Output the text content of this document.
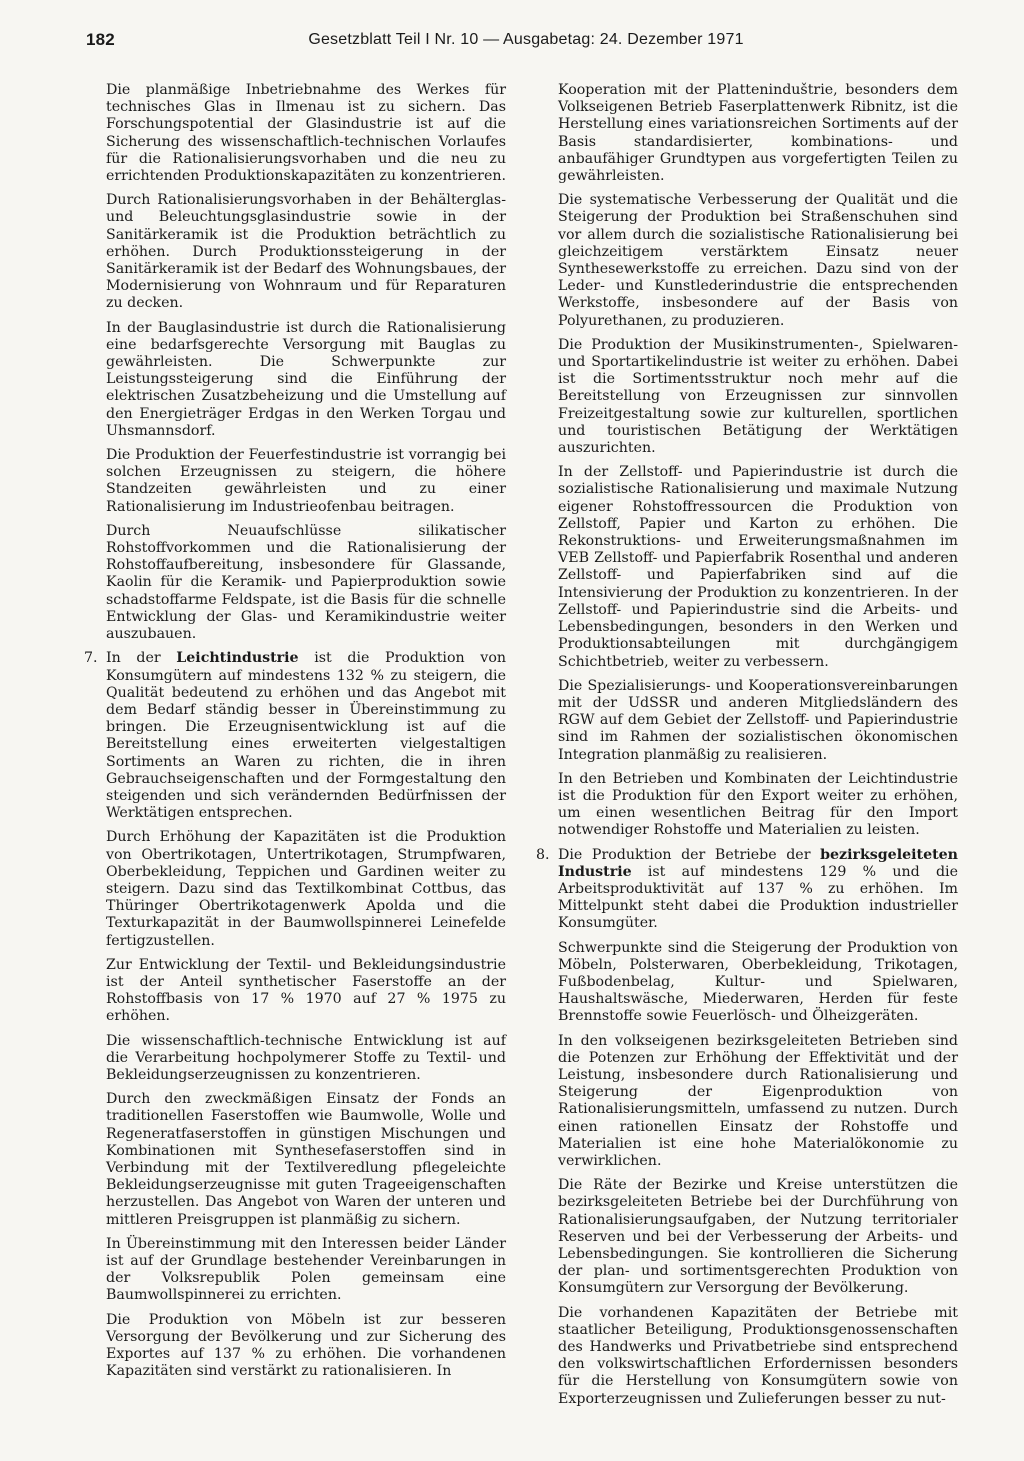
182	Gesetzblatt Teil I Nr. 10 — Ausgabetag: 24. Dezember 1971

Die planmäßige Inbetriebnahme des Werkes für technisches Glas in Ilmenau ist zu sichern. Das Forschungspotential der Glasindustrie ist auf die Sicherung des wissenschaftlich-technischen Vorlaufes für die Rationalisierungsvorhaben und die neu zu errichtenden Produktionskapazitäten zu konzentrieren.

Durch Rationalisierungsvorhaben in der Behälterglas- und Beleuchtungsglasindustrie sowie in der Sanitärkeramik ist die Produktion beträchtlich zu erhöhen. Durch Produktionssteigerung in der Sanitärkeramik ist der Bedarf des Wohnungsbaues, der Modernisierung von Wohnraum und für Reparaturen zu decken.

In der Bauglasindustrie ist durch die Rationalisierung eine bedarfsgerechte Versorgung mit Bauglas zu gewährleisten. Die Schwerpunkte zur Leistungssteigerung sind die Einführung der elektrischen Zusatzbeheizung und die Umstellung auf den Energieträger Erdgas in den Werken Torgau und Uhsmannsdorf.

Die Produktion der Feuerfestindustrie ist vorrangig bei solchen Erzeugnissen zu steigern, die höhere Standzeiten gewährleisten und zu einer Rationalisierung im Industrieofenbau beitragen.

Durch Neuaufschlüsse silikatischer Rohstoffvorkommen und die Rationalisierung der Rohstoffaufbereitung, insbesondere für Glassande, Kaolin für die Keramik- und Papierproduktion sowie schadstoffarme Feldspate, ist die Basis für die schnelle Entwicklung der Glas- und Keramikindustrie weiter auszubauen.

7. In der Leichtindustrie ist die Produktion von Konsumgütern auf mindestens 132 % zu steigern, die Qualität bedeutend zu erhöhen und das Angebot mit dem Bedarf ständig besser in Übereinstimmung zu bringen. Die Erzeugnisentwicklung ist auf die Bereitstellung eines erweiterten vielgestaltigen Sortiments an Waren zu richten, die in ihren Gebrauchseigenschaften und der Formgestaltung den steigenden und sich verändernden Bedürfnissen der Werktätigen entsprechen.

Durch Erhöhung der Kapazitäten ist die Produktion von Obertrikotagen, Untertrikotagen, Strumpfwaren, Oberbekleidung, Teppichen und Gardinen weiter zu steigern. Dazu sind das Textilkombinat Cottbus, das Thüringer Obertrikotagenwerk Apolda und die Texturkapazität in der Baumwollspinnerei Leinefelde fertigzustellen.

Zur Entwicklung der Textil- und Bekleidungsindustrie ist der Anteil synthetischer Faserstoffe an der Rohstoffbasis von 17 % 1970 auf 27 % 1975 zu erhöhen.

Die wissenschaftlich-technische Entwicklung ist auf die Verarbeitung hochpolymerer Stoffe zu Textil- und Bekleidungserzeugnissen zu konzentrieren.

Durch den zweckmäßigen Einsatz der Fonds an traditionellen Faserstoffen wie Baumwolle, Wolle und Regeneratfaserstoffen in günstigen Mischungen und Kombinationen mit Synthesefaserstoffen sind in Verbindung mit der Textilveredlung pflegeleichte Bekleidungserzeugnisse mit guten Trageeigenschaften herzustellen. Das Angebot von Waren der unteren und mittleren Preisgruppen ist planmäßig zu sichern.

In Übereinstimmung mit den Interessen beider Länder ist auf der Grundlage bestehender Vereinbarungen in der Volksrepublik Polen gemeinsam eine Baumwollspinnerei zu errichten.

Die Produktion von Möbeln ist zur besseren Versorgung der Bevölkerung und zur Sicherung des Exportes auf 137 % zu erhöhen. Die vorhandenen Kapazitäten sind verstärkt zu rationalisieren. In

Kooperation mit der Platteninduštrie, besonders dem Volkseigenen Betrieb Faserplattenwerk Ribnitz, ist die Herstellung eines variationsreichen Sortiments auf der Basis standardisierter, kombinations- und anbaufähiger Grundtypen aus vorgefertigten Teilen zu gewährleisten.

Die systematische Verbesserung der Qualität und die Steigerung der Produktion bei Straßenschuhen sind vor allem durch die sozialistische Rationalisierung bei gleichzeitigem verstärktem Einsatz neuer Synthesewerkstoffe zu erreichen. Dazu sind von der Leder- und Kunstlederindustrie die entsprechenden Werkstoffe, insbesondere auf der Basis von Polyurethanen, zu produzieren.

Die Produktion der Musikinstrumenten-, Spielwaren- und Sportartikelindustrie ist weiter zu erhöhen. Dabei ist die Sortimentsstruktur noch mehr auf die Bereitstellung von Erzeugnissen zur sinnvollen Freizeitgestaltung sowie zur kulturellen, sportlichen und touristischen Betätigung der Werktätigen auszurichten.

In der Zellstoff- und Papierindustrie ist durch die sozialistische Rationalisierung und maximale Nutzung eigener Rohstoffressourcen die Produktion von Zellstoff, Papier und Karton zu erhöhen. Die Rekonstruktions- und Erweiterungsmaßnahmen im VEB Zellstoff- und Papierfabrik Rosenthal und anderen Zellstoff- und Papierfabriken sind auf die Intensivierung der Produktion zu konzentrieren. In der Zellstoff- und Papierindustrie sind die Arbeits- und Lebensbedingungen, besonders in den Werken und Produktionsabteilungen mit durchgängigem Schichtbetrieb, weiter zu verbessern.

Die Spezialisierungs- und Kooperationsvereinbarungen mit der UdSSR und anderen Mitgliedsländern des RGW auf dem Gebiet der Zellstoff- und Papierindustrie sind im Rahmen der sozialistischen ökonomischen Integration planmäßig zu realisieren.

In den Betrieben und Kombinaten der Leichtindustrie ist die Produktion für den Export weiter zu erhöhen, um einen wesentlichen Beitrag für den Import notwendiger Rohstoffe und Materialien zu leisten.

8. Die Produktion der Betriebe der bezirksgeleiteten Industrie ist auf mindestens 129 % und die Arbeitsproduktivität auf 137 % zu erhöhen. Im Mittelpunkt steht dabei die Produktion industrieller Konsumgüter.

Schwerpunkte sind die Steigerung der Produktion von Möbeln, Polsterwaren, Oberbekleidung, Trikotagen, Fußbodenbelag, Kultur- und Spielwaren, Haushaltswäsche, Miederwaren, Herden für feste Brennstoffe sowie Feuerlösch- und Ölheizgeräten.

In den volkseigenen bezirksgeleiteten Betrieben sind die Potenzen zur Erhöhung der Effektivität und der Leistung, insbesondere durch Rationalisierung und Steigerung der Eigenproduktion von Rationalisierungsmitteln, umfassend zu nutzen. Durch einen rationellen Einsatz der Rohstoffe und Materialien ist eine hohe Materialökonomie zu verwirklichen.

Die Räte der Bezirke und Kreise unterstützen die bezirksgeleiteten Betriebe bei der Durchführung von Rationalisierungsaufgaben, der Nutzung territorialer Reserven und bei der Verbesserung der Arbeits- und Lebensbedingungen. Sie kontrollieren die Sicherung der plan- und sortimentsgerechten Produktion von Konsumgütern zur Versorgung der Bevölkerung.

Die vorhandenen Kapazitäten der Betriebe mit staatlicher Beteiligung, Produktionsgenossenschaften des Handwerks und Privatbetriebe sind entsprechend den volkswirtschaftlichen Erfordernissen besonders für die Herstellung von Konsumgütern sowie von Exporterzeugnissen und Zulieferungen besser zu nut-
